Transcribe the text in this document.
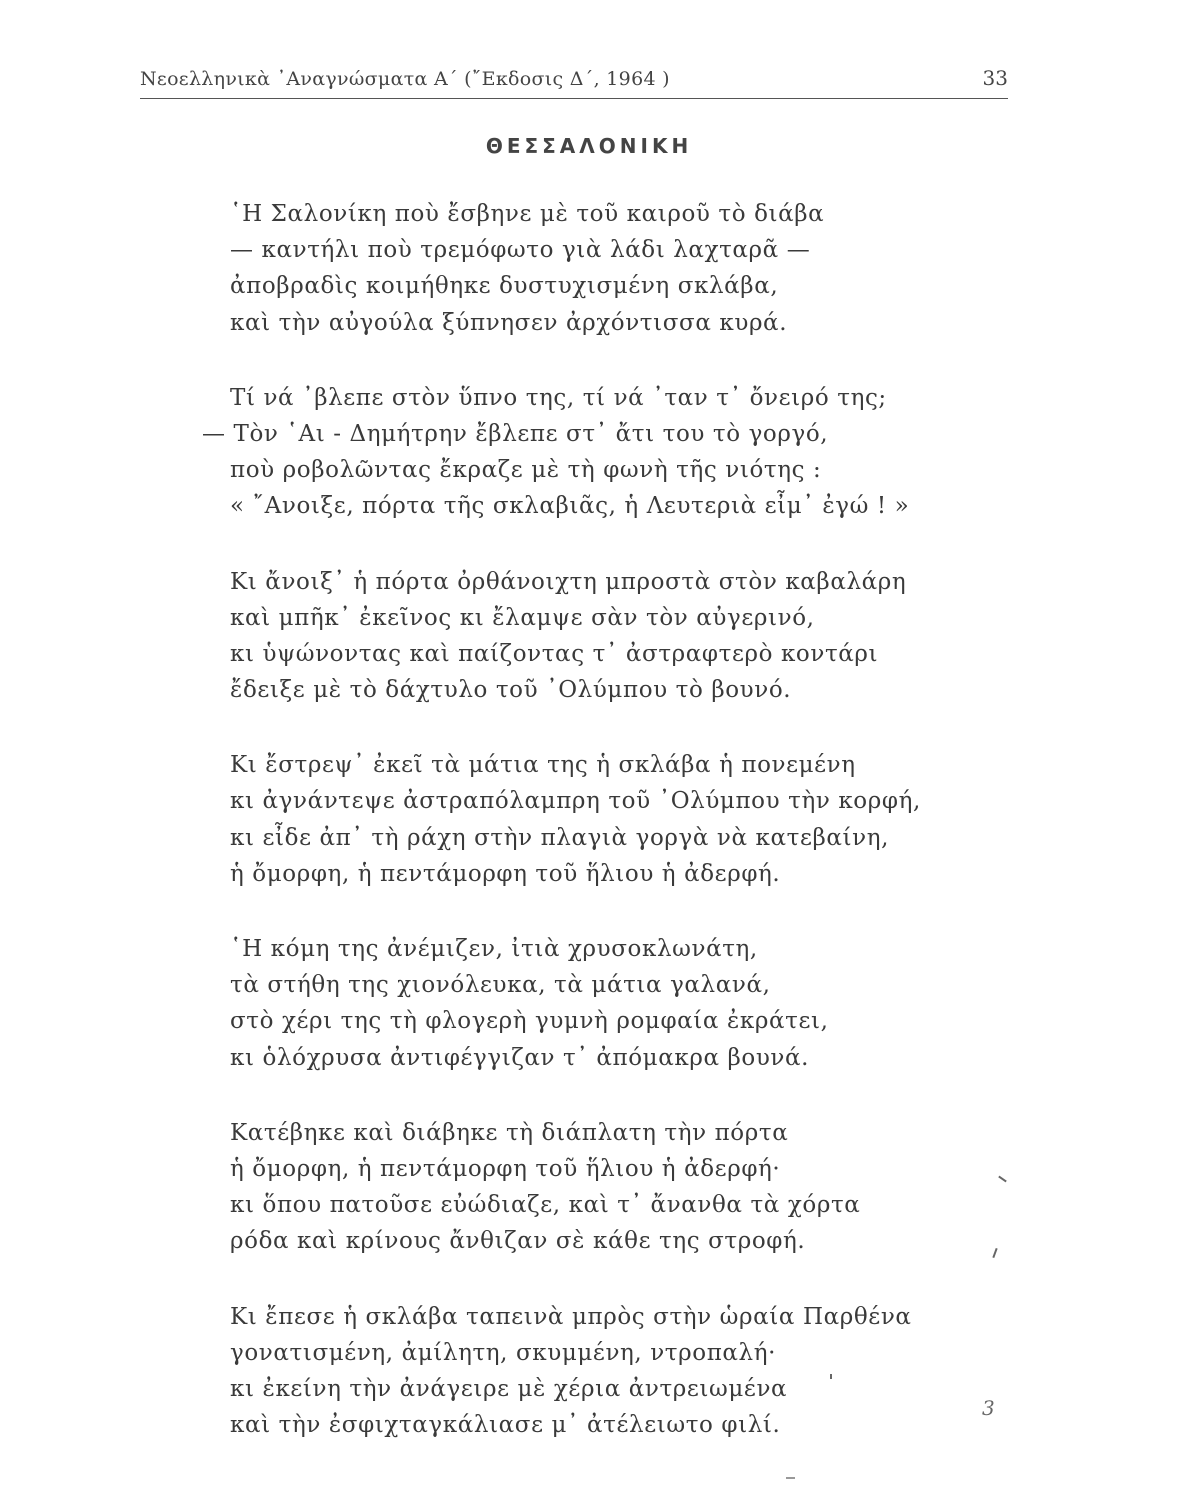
Νεοελληνικὰ ᾿Αναγνώσματα Α΄ (῎Εκδοσις Δ΄, 1964 )	33
ΘΕΣΣΑΛΟΝΙΚΗ
῾Η Σαλονίκη ποὺ ἔσβηνε μὲ τοῦ καιροῦ τὸ διάβα
— καντήλι ποὺ τρεμόφωτο γιὰ λάδι λαχταρᾶ —
ἀποβραδὶς κοιμήθηκε δυστυχισμένη σκλάβα,
καὶ τὴν αὐγούλα ξύπνησεν ἀρχόντισσα κυρά.
Τί νά ᾿βλεπε στὸν ὕπνο της, τί νά ᾿ταν τ᾿ ὄνειρό της;
— Τὸν ῾Αι - Δημήτρην ἔβλεπε στ᾿ ἄτι του τὸ γοργό,
ποὺ ροβολῶντας ἔκραζε μὲ τὴ φωνὴ τῆς νιότης :
« ῎Ανοιξε, πόρτα τῆς σκλαβιᾶς, ἡ Λευτεριὰ εἶμ᾿ ἐγώ ! »
Κι ἄνοιξ᾿ ἡ πόρτα ὀρθάνοιχτη μπροστὰ στὸν καβαλάρη
καὶ μπῆκ᾿ ἐκεῖνος κι ἔλαμψε σὰν τὸν αὐγερινό,
κι ὑψώνοντας καὶ παίζοντας τ᾿ ἀστραφτερὸ κοντάρι
ἔδειξε μὲ τὸ δάχτυλο τοῦ ᾿Ολύμπου τὸ βουνό.
Κι ἔστρεψ᾿ ἐκεῖ τὰ μάτια της ἡ σκλάβα ἡ πονεμένη
κι ἀγνάντεψε ἀστραπόλαμπρη τοῦ ᾿Ολύμπου τὴν κορφή,
κι εἶδε ἀπ᾿ τὴ ράχη στὴν πλαγιὰ γοργὰ νὰ κατεβαίνη,
ἡ ὄμορφη, ἡ πεντάμορφη τοῦ ἥλιου ἡ ἀδερφή.
῾Η κόμη της ἀνέμιζεν, ἰτιὰ χρυσοκλωνάτη,
τὰ στήθη της χιονόλευκα, τὰ μάτια γαλανά,
στὸ χέρι της τὴ φλογερὴ γυμνὴ ρομφαία ἐκράτει,
κι ὁλόχρυσα ἀντιφέγγιζαν τ᾿ ἀπόμακρα βουνά.
Κατέβηκε καὶ διάβηκε τὴ διάπλατη τὴν πόρτα
ἡ ὄμορφη, ἡ πεντάμορφη τοῦ ἥλιου ἡ ἀδερφή·
κι ὅπου πατοῦσε εὐώδιαζε, καὶ τ᾿ ἄνανθα τὰ χόρτα
ρόδα καὶ κρίνους ἄνθιζαν σὲ κάθε της στροφή.
Κι ἔπεσε ἡ σκλάβα ταπεινὰ μπρὸς στὴν ὡραία Παρθένα
γονατισμένη, ἀμίλητη, σκυμμένη, ντροπαλή·
κι ἐκείνη τὴν ἀνάγειρε μὲ χέρια ἀντρειωμένα
καὶ τὴν ἐσφιχταγκάλιασε μ᾿ ἀτέλειωτο φιλί.
3
